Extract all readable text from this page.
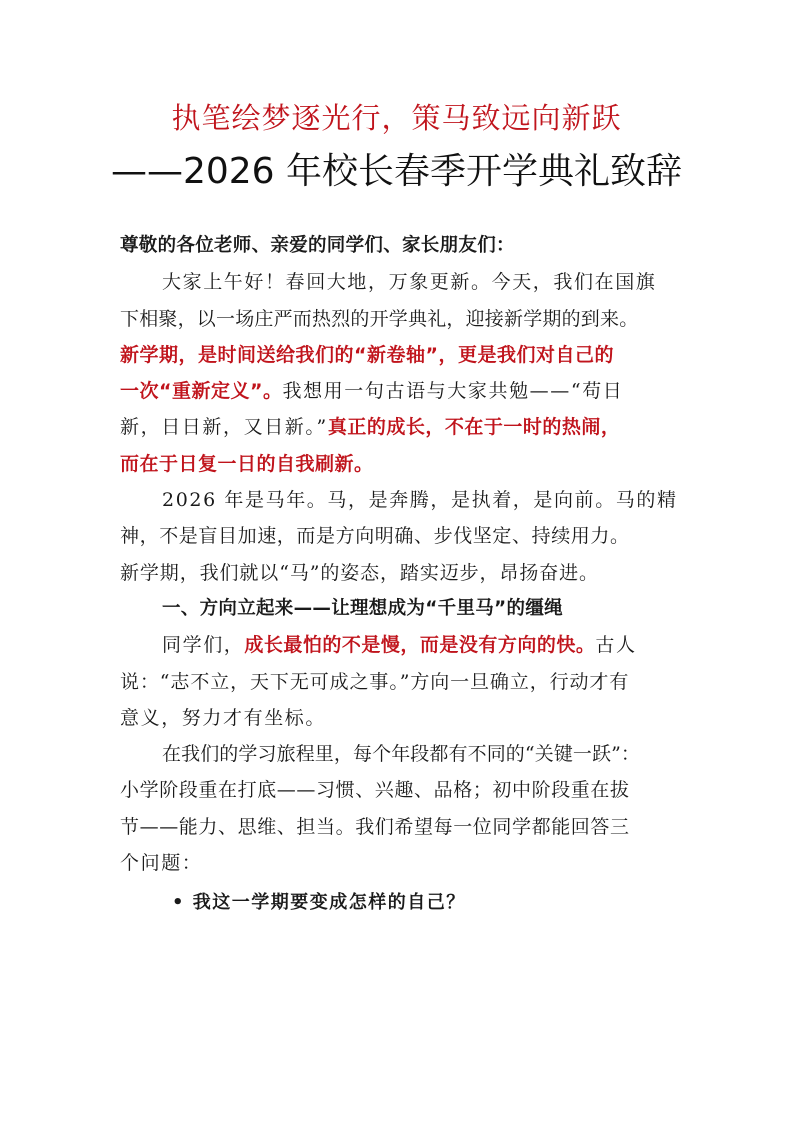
执笔绘梦逐光行，策马致远向新跃
——2026 年校长春季开学典礼致辞
尊敬的各位老师、亲爱的同学们、家长朋友们：
大家上午好！春回大地，万象更新。今天，我们在国旗
下相聚，以一场庄严而热烈的开学典礼，迎接新学期的到来。
新学期，是时间送给我们的“新卷轴”，更是我们对自己的
一次“重新定义”。我想用一句古语与大家共勉——“苟日
新，日日新，又日新。”真正的成长，不在于一时的热闹，
而在于日复一日的自我刷新。
2026 年是马年。马，是奔腾，是执着，是向前。马的精
神，不是盲目加速，而是方向明确、步伐坚定、持续用力。
新学期，我们就以“马”的姿态，踏实迈步，昂扬奋进。
一、方向立起来——让理想成为“千里马”的缰绳
同学们，成长最怕的不是慢，而是没有方向的快。古人
说：“志不立，天下无可成之事。”方向一旦确立，行动才有
意义，努力才有坐标。
在我们的学习旅程里，每个年段都有不同的“关键一跃”：
小学阶段重在打底——习惯、兴趣、品格；初中阶段重在拔
节——能力、思维、担当。我们希望每一位同学都能回答三
个问题：
• 我这一学期要变成怎样的自己？
